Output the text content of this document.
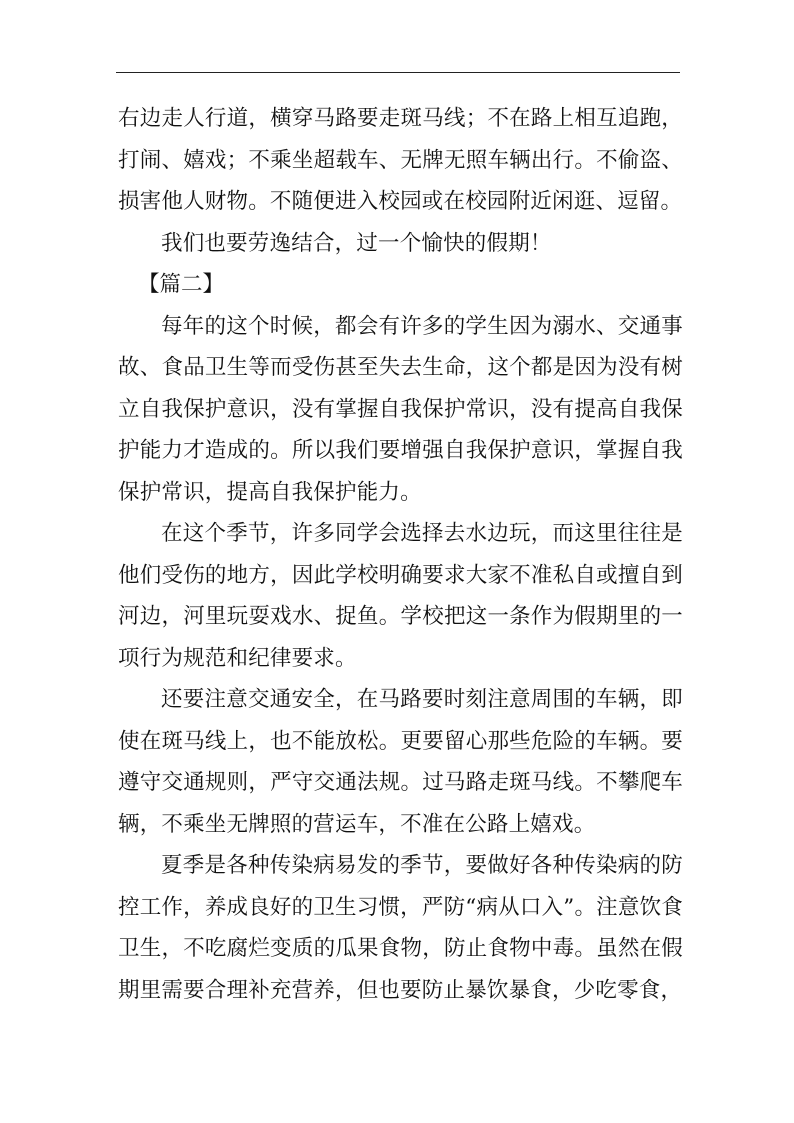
右边走人行道，横穿马路要走斑马线；不在路上相互追跑，打闹、嬉戏；不乘坐超载车、无牌无照车辆出行。不偷盗、损害他人财物。不随便进入校园或在校园附近闲逛、逗留。

我们也要劳逸结合，过一个愉快的假期！

【篇二】

每年的这个时候，都会有许多的学生因为溺水、交通事故、食品卫生等而受伤甚至失去生命，这个都是因为没有树立自我保护意识，没有掌握自我保护常识，没有提高自我保护能力才造成的。所以我们要增强自我保护意识，掌握自我保护常识，提高自我保护能力。

在这个季节，许多同学会选择去水边玩，而这里往往是他们受伤的地方，因此学校明确要求大家不准私自或擅自到河边，河里玩耍戏水、捉鱼。学校把这一条作为假期里的一项行为规范和纪律要求。

还要注意交通安全，在马路要时刻注意周围的车辆，即使在斑马线上，也不能放松。更要留心那些危险的车辆。要遵守交通规则，严守交通法规。过马路走斑马线。不攀爬车辆，不乘坐无牌照的营运车，不准在公路上嬉戏。

夏季是各种传染病易发的季节，要做好各种传染病的防控工作，养成良好的卫生习惯，严防“病从口入”。注意饮食卫生，不吃腐烂变质的瓜果食物，防止食物中毒。虽然在假期里需要合理补充营养，但也要防止暴饮暴食，少吃零食，
